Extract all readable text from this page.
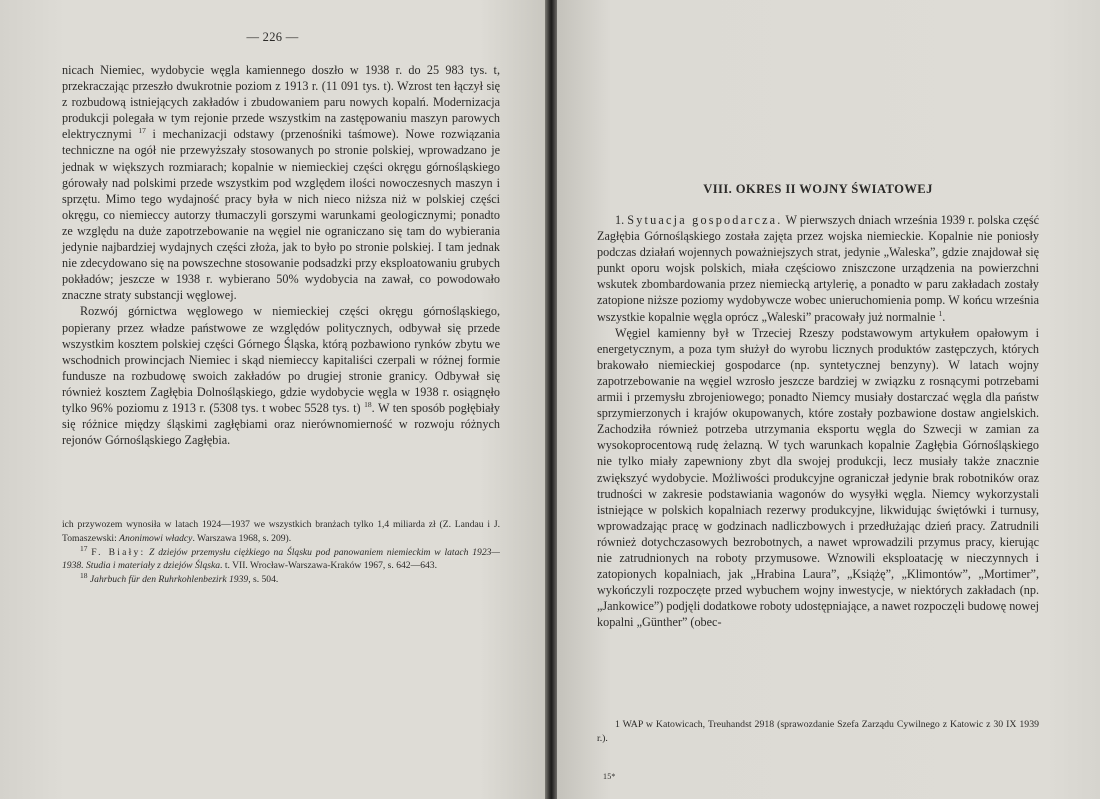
— 226 —

nicach Niemiec, wydobycie węgla kamiennego doszło w 1938 r. do 25 983 tys. t, przekraczając przeszło dwukrotnie poziom z 1913 r. (11 091 tys. t). Wzrost ten łączył się z rozbudową istniejących zakładów i zbudowaniem paru nowych kopalń. Modernizacja produkcji polegała w tym rejonie przede wszystkim na zastępowaniu maszyn parowych elektrycznymi $^{17}$ i mechanizacji odstawy (przenośniki taśmowe). Nowe rozwiązania techniczne na ogół nie przewyższały stosowanych po stronie polskiej, wprowadzano je jednak w większych rozmiarach; kopalnie w niemieckiej części okręgu górnośląskiego górowały nad polskimi przede wszystkim pod względem ilości nowoczesnych maszyn i sprzętu. Mimo tego wydajność pracy była w nich nieco niższa niż w polskiej części okręgu, co niemieccy autorzy tłumaczyli gorszymi warunkami geologicznymi; ponadto ze względu na duże zapotrzebowanie na węgiel nie ograniczano się tam do wybierania jedynie najbardziej wydajnych części złoża, jak to było po stronie polskiej. I tam jednak nie zdecydowano się na powszechne stosowanie podsadzki przy eksploatowaniu grubych pokładów; jeszcze w 1938 r. wybierano 50% wydobycia na zawał, co powodowało znaczne straty substancji węglowej.

Rozwój górnictwa węglowego w niemieckiej części okręgu górnośląskiego, popierany przez władze państwowe ze względów politycznych, odbywał się przede wszystkim kosztem polskiej części Górnego Śląska, którą pozbawiono rynków zbytu we wschodnich prowincjach Niemiec i skąd niemieccy kapitaliści czerpali w różnej formie fundusze na rozbudowę swoich zakładów po drugiej stronie granicy. Odbywał się również kosztem Zagłębia Dolnośląskiego, gdzie wydobycie węgla w 1938 r. osiągnęło tylko 96% poziomu z 1913 r. (5308 tys. t wobec 5528 tys. t) $^{18}$. W ten sposób pogłębiały się różnice między śląskimi zagłębiami oraz nierównomierność w rozwoju różnych rejonów Górnośląskiego Zagłębia.

ich przywozem wynosiła w latach 1924—1937 we wszystkich branżach tylko 1,4 miliarda zł (Z. Landau i J. Tomaszewski: Anonimowi władcy. Warszawa 1968, s. 209).

$^{17}$ F. Biały: Z dziejów przemysłu ciężkiego na Śląsku pod panowaniem niemieckim w latach 1923—1938. Studia i materiały z dziejów Śląska. t. VII. Wrocław-Warszawa-Kraków 1967, s. 642—643.

$^{18}$ Jahrbuch für den Ruhrkohlenbezirk 1939, s. 504.

VIII. OKRES II WOJNY ŚWIATOWEJ

1. Sytuacja gospodarcza. W pierwszych dniach września 1939 r. polska część Zagłębia Górnośląskiego została zajęta przez wojska niemieckie. Kopalnie nie poniosły podczas działań wojennych poważniejszych strat, jedynie „Waleska”, gdzie znajdował się punkt oporu wojsk polskich, miała częściowo zniszczone urządzenia na powierzchni wskutek zbombardowania przez niemiecką artylerię, a ponadto w paru zakładach zostały zatopione niższe poziomy wydobywcze wobec unieruchomienia pomp. W końcu września wszystkie kopalnie węgla oprócz „Waleski” pracowały już normalnie $^1$.

Węgiel kamienny był w Trzeciej Rzeszy podstawowym artykułem opałowym i energetycznym, a poza tym służył do wyrobu licznych produktów zastępczych, których brakowało niemieckiej gospodarce (np. syntetycznej benzyny). W latach wojny zapotrzebowanie na węgiel wzrosło jeszcze bardziej w związku z rosnącymi potrzebami armii i przemysłu zbrojeniowego; ponadto Niemcy musiały dostarczać węgla dla państw sprzymierzonych i krajów okupowanych, które zostały pozbawione dostaw angielskich. Zachodziła również potrzeba utrzymania eksportu węgla do Szwecji w zamian za wysokoprocentową rudę żelazną. W tych warunkach kopalnie Zagłębia Górnośląskiego nie tylko miały zapewniony zbyt dla swojej produkcji, lecz musiały także znacznie zwiększyć wydobycie. Możliwości produkcyjne ograniczał jedynie brak robotników oraz trudności w zakresie podstawiania wagonów do wysyłki węgla. Niemcy wykorzystali istniejące w polskich kopalniach rezerwy produkcyjne, likwidując świętówki i turnusy, wprowadzając pracę w godzinach nadliczbowych i przedłużając dzień pracy. Zatrudnili również dotychczasowych bezrobotnych, a nawet wprowadzili przymus pracy, kierując nie zatrudnionych na roboty przymusowe. Wznowili eksploatację w nieczynnych i zatopionych kopalniach, jak „Hrabina Laura”, „Książę”, „Klimontów”, „Mortimer”, wykończyli rozpoczęte przed wybuchem wojny inwestycje, w niektórych zakładach (np. „Jankowice”) podjęli dodatkowe roboty udostępniające, a nawet rozpoczęli budowę nowej kopalni „Günther” (obec-

1 WAP w Katowicach, Treuhandst 2918 (sprawozdanie Szefa Zarządu Cywilnego z Katowic z 30 IX 1939 r.).

15*
